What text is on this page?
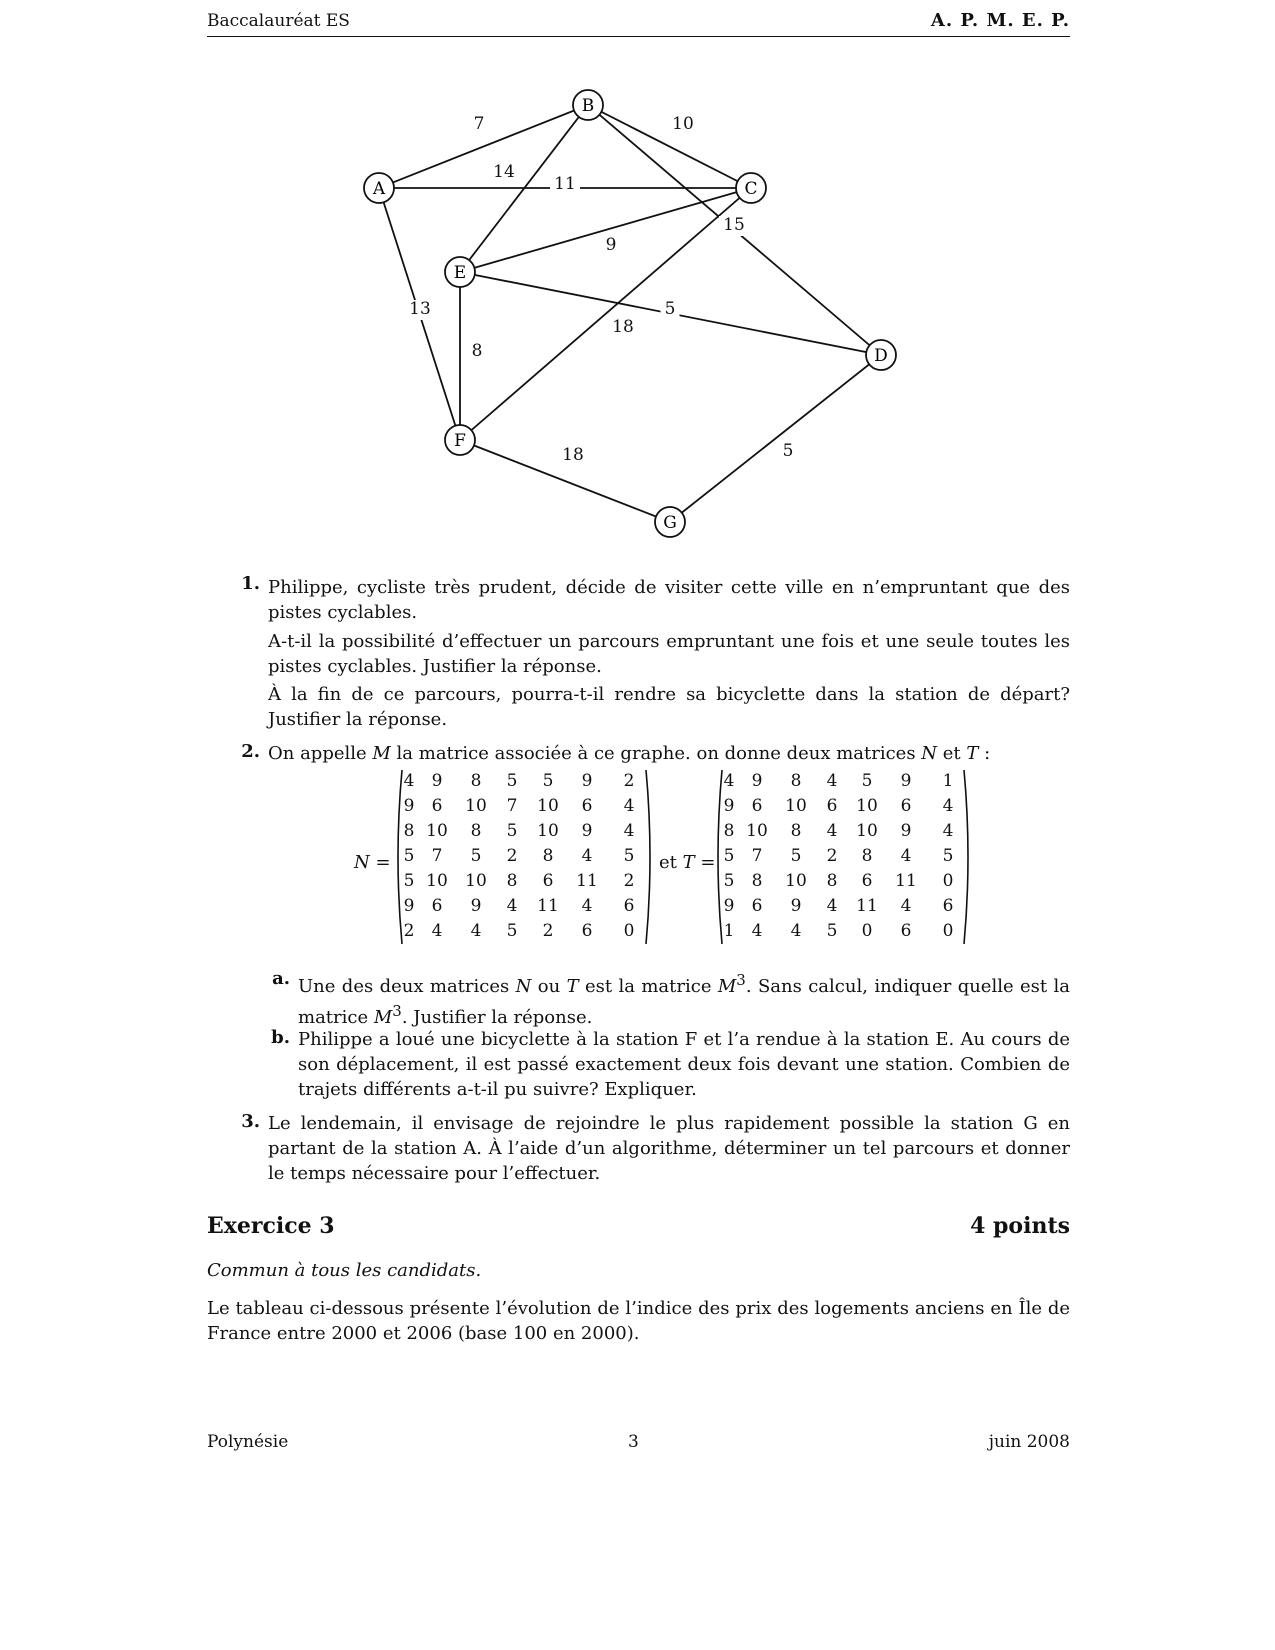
Baccalauréat ES	A. P. M. E. P.
7
11
13
10
15
14
9
18
5
8
18	5
A
B
C
D
E
F
G
1. Philippe, cycliste très prudent, décide de visiter cette ville en n’empruntant que des pistes cyclables.
A-t-il la possibilité d’effectuer un parcours empruntant une fois et une seule toutes les pistes cyclables. Justifier la réponse.
À la fin de ce parcours, pourra-t-il rendre sa bicyclette dans la station de départ? Justifier la réponse.
2. On appelle M la matrice associée à ce graphe. on donne deux matrices N et T :
N =
4	9	8	5	5	9	2
9	6	10	7	10	6	4
8	10	8	5	10	9	4
5	7	5	2	8	4	5
5	10	10	8	6	11	2
9	6	9	4	11	4	6
2	4	4	5	2	6	0
et T =
4	9	8	4	5	9	1
9	6	10	6	10	6	4
8	10	8	4	10	9	4
5	7	5	2	8	4	5
5	8	10	8	6	11	0
9	6	9	4	11	4	6
1	4	4	5	0	6	0
a. Une des deux matrices N ou T est la matrice $M^3$. Sans calcul, indiquer quelle est la matrice $M^3$. Justifier la réponse.
b. Philippe a loué une bicyclette à la station F et l’a rendue à la station E. Au cours de son déplacement, il est passé exactement deux fois devant une station. Combien de trajets différents a-t-il pu suivre? Expliquer.
3. Le lendemain, il envisage de rejoindre le plus rapidement possible la station G en partant de la station A. À l’aide d’un algorithme, déterminer un tel parcours et donner le temps nécessaire pour l’effectuer.
Exercice 3	4 points
Commun à tous les candidats.
Le tableau ci-dessous présente l’évolution de l’indice des prix des logements anciens en Île de France entre 2000 et 2006 (base 100 en 2000).
Polynésie	3	juin 2008
